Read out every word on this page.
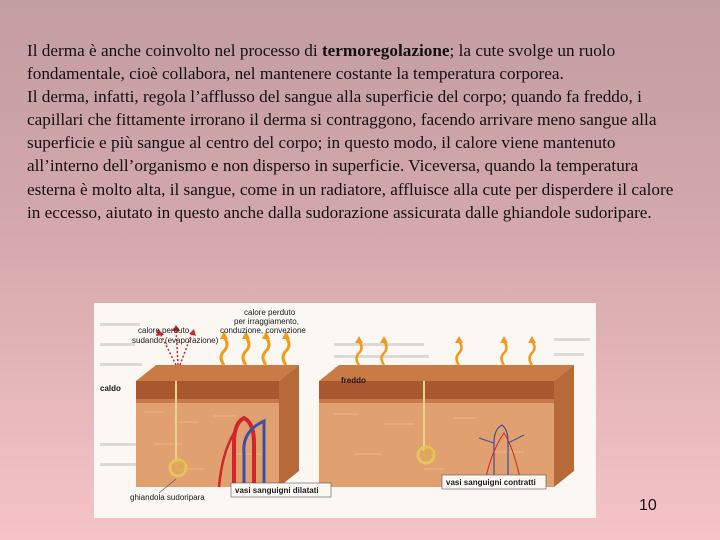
Il derma è anche coinvolto nel processo di termoregolazione; la cute svolge un ruolo fondamentale, cioè collabora, nel mantenere costante la temperatura corporea.

Il derma, infatti, regola l’afflusso del sangue alla superficie del corpo; quando fa freddo, i capillari che fittamente irrorano il derma si contraggono, facendo arrivare meno sangue alla superficie e più sangue al centro del corpo; in questo modo, il calore viene mantenuto all’interno dell’organismo e non disperso in superficie. Viceversa, quando la temperatura esterna è molto alta, il sangue, come in un radiatore, affluisce alla cute per disperdere il calore in eccesso, aiutato in questo anche dalla sudorazione assicurata dalle ghiandole sudoripare.

calore perduto
sudando (evaporazione)
calore perduto
per irraggiamento,
conduzione, convezione
caldo
freddo
ghiandola sudoripara
vasi sanguigni dilatati
vasi sanguigni contratti
10
